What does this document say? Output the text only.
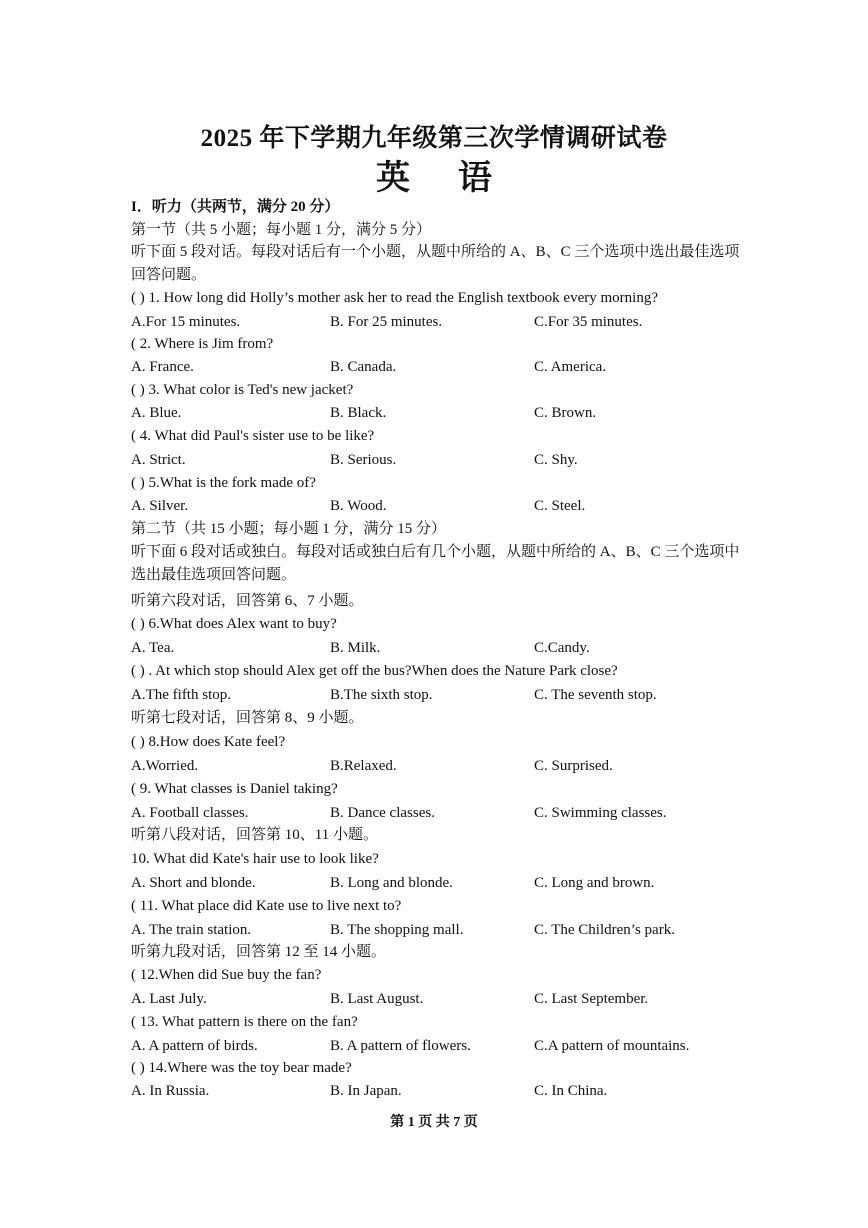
2025 年下学期九年级第三次学情调研试卷
英语
I．听力（共两节，满分 20 分）
第一节（共 5 小题；每小题 1 分，满分 5 分）
听下面 5 段对话。每段对话后有一个小题，从题中所给的 A、B、C 三个选项中选出最佳选项回答问题。
( ) 1. How long did Holly’s mother ask her to read the English textbook every morning?
A.For 15 minutes.	B. For 25 minutes.	C.For 35 minutes.
( 2. Where is Jim from?
A. France.	B. Canada.	C. America.
( ) 3. What color is Ted's new jacket?
A. Blue.	B. Black.	C. Brown.
( 4. What did Paul's sister use to be like?
A. Strict.	B. Serious.	C. Shy.
( ) 5.What is the fork made of?
A. Silver.	B. Wood.	C. Steel.
第二节（共 15 小题；每小题 1 分，满分 15 分）
听下面 6 段对话或独白。每段对话或独白后有几个小题，从题中所给的 A、B、C 三个选项中选出最佳选项回答问题。
听第六段对话，回答第 6、7 小题。
( ) 6.What does Alex want to buy?
A. Tea.	B. Milk.	C.Candy.
( ) . At which stop should Alex get off the bus?When does the Nature Park close?
A.The fifth stop.	B.The sixth stop.	C. The seventh stop.
听第七段对话，回答第 8、9 小题。
( ) 8.How does Kate feel?
A.Worried.	B.Relaxed.	C. Surprised.
( 9. What classes is Daniel taking?
A. Football classes.	B. Dance classes.	C. Swimming classes.
听第八段对话，回答第 10、11 小题。
10. What did Kate's hair use to look like?
A. Short and blonde.	B. Long and blonde.	C. Long and brown.
( 11. What place did Kate use to live next to?
A. The train station.	B. The shopping mall.	C. The Children’s park.
听第九段对话，回答第 12 至 14 小题。
( 12.When did Sue buy the fan?
A. Last July.	B. Last August.	C. Last September.
( 13. What pattern is there on the fan?
A. A pattern of birds.	B. A pattern of flowers.	C.A pattern of mountains.
( ) 14.Where was the toy bear made?
A. In Russia.	B. In Japan.	C. In China.
第 1 页 共 7 页
